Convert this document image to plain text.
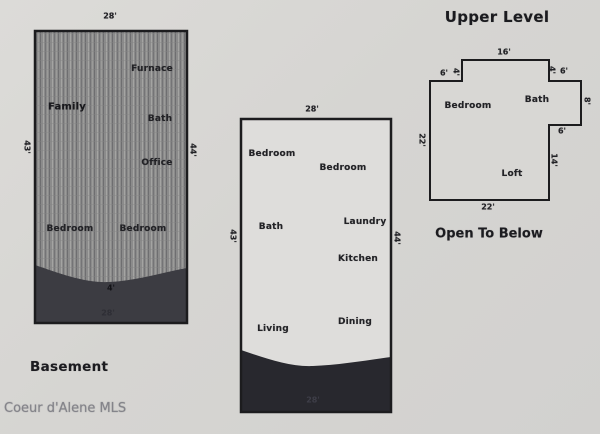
28'
43'	44'
Furnace
Family
Bath
Office
Bedroom	Bedroom
4'
28'
Basement
28'
43'	44'
Bedroom
Bedroom
Bath	Laundry
Kitchen
Living
Dining
28'
Upper Level
16'
6' 4'	4' 6'
8'
6'
14'
22'
22'
Bedroom
Bath
Loft
Open To Below
Coeur d'Alene MLS
